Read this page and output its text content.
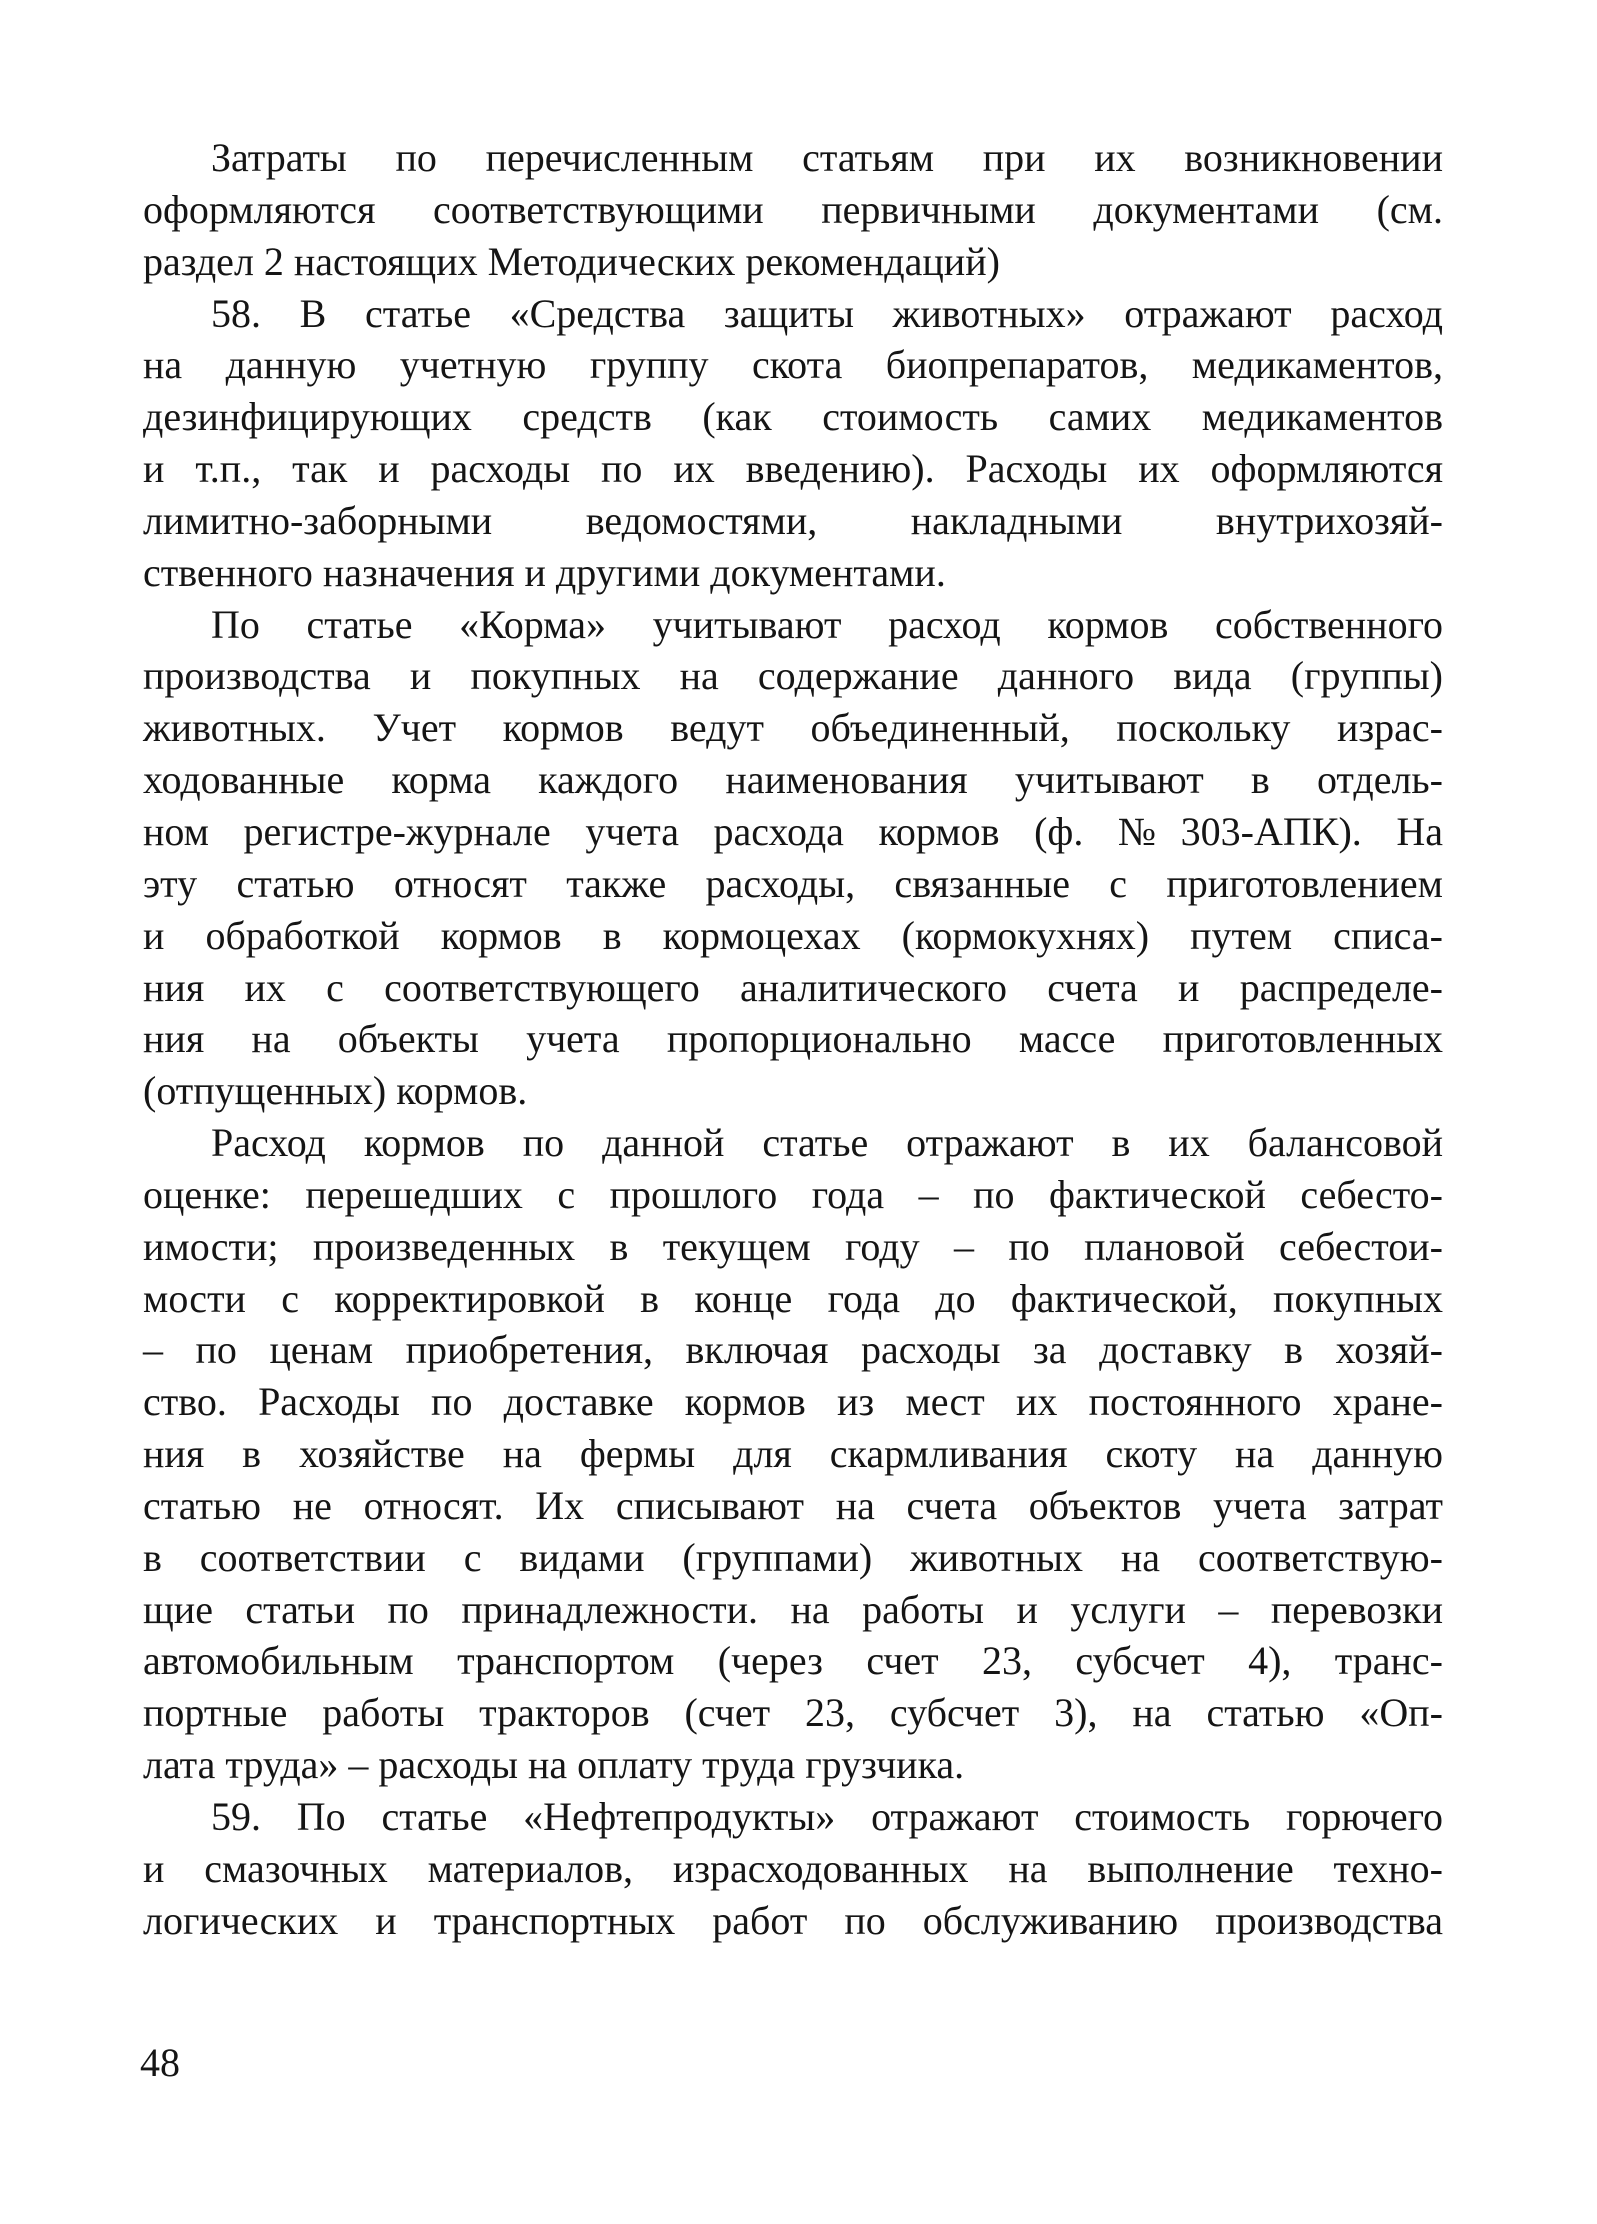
Затраты по перечисленным статьям при их возникновении
оформляются соответствующими первичными документами (см.
раздел 2 настоящих Методических рекомендаций)
58. В статье «Средства защиты животных» отражают расход
на данную учетную группу скота биопрепаратов, медикаментов,
дезинфицирующих средств (как стоимость самих медикаментов
и т.п., так и расходы по их введению). Расходы их оформляются
лимитно-заборными ведомостями, накладными внутрихозяй-
ственного назначения и другими документами.
По статье «Корма» учитывают расход кормов собственного
производства и покупных на содержание данного вида (группы)
животных. Учет кормов ведут объединенный, поскольку израс-
ходованные корма каждого наименования учитывают в отдель-
ном регистре-журнале учета расхода кормов (ф. №303-АПК). На
эту статью относят также расходы, связанные с приготовлением
и обработкой кормов в кормоцехах (кормокухнях) путем списа-
ния их с соответствующего аналитического счета и распределе-
ния на объекты учета пропорционально массе приготовленных
(отпущенных) кормов.
Расход кормов по данной статье отражают в их балансовой
оценке: перешедших с прошлого года – по фактической себесто-
имости; произведенных в текущем году – по плановой себестои-
мости с корректировкой в конце года до фактической, покупных
– по ценам приобретения, включая расходы за доставку в хозяй-
ство. Расходы по доставке кормов из мест их постоянного хране-
ния в хозяйстве на фермы для скармливания скоту на данную
статью не относят. Их списывают на счета объектов учета затрат
в соответствии с видами (группами) животных на соответствую-
щие статьи по принадлежности. на работы и услуги – перевозки
автомобильным транспортом (через счет 23, субсчет 4), транс-
портные работы тракторов (счет 23, субсчет 3), на статью «Оп-
лата труда» – расходы на оплату труда грузчика.
59. По статье «Нефтепродукты» отражают стоимость горючего
и смазочных материалов, израсходованных на выполнение техно-
логических и транспортных работ по обслуживанию производства
48
